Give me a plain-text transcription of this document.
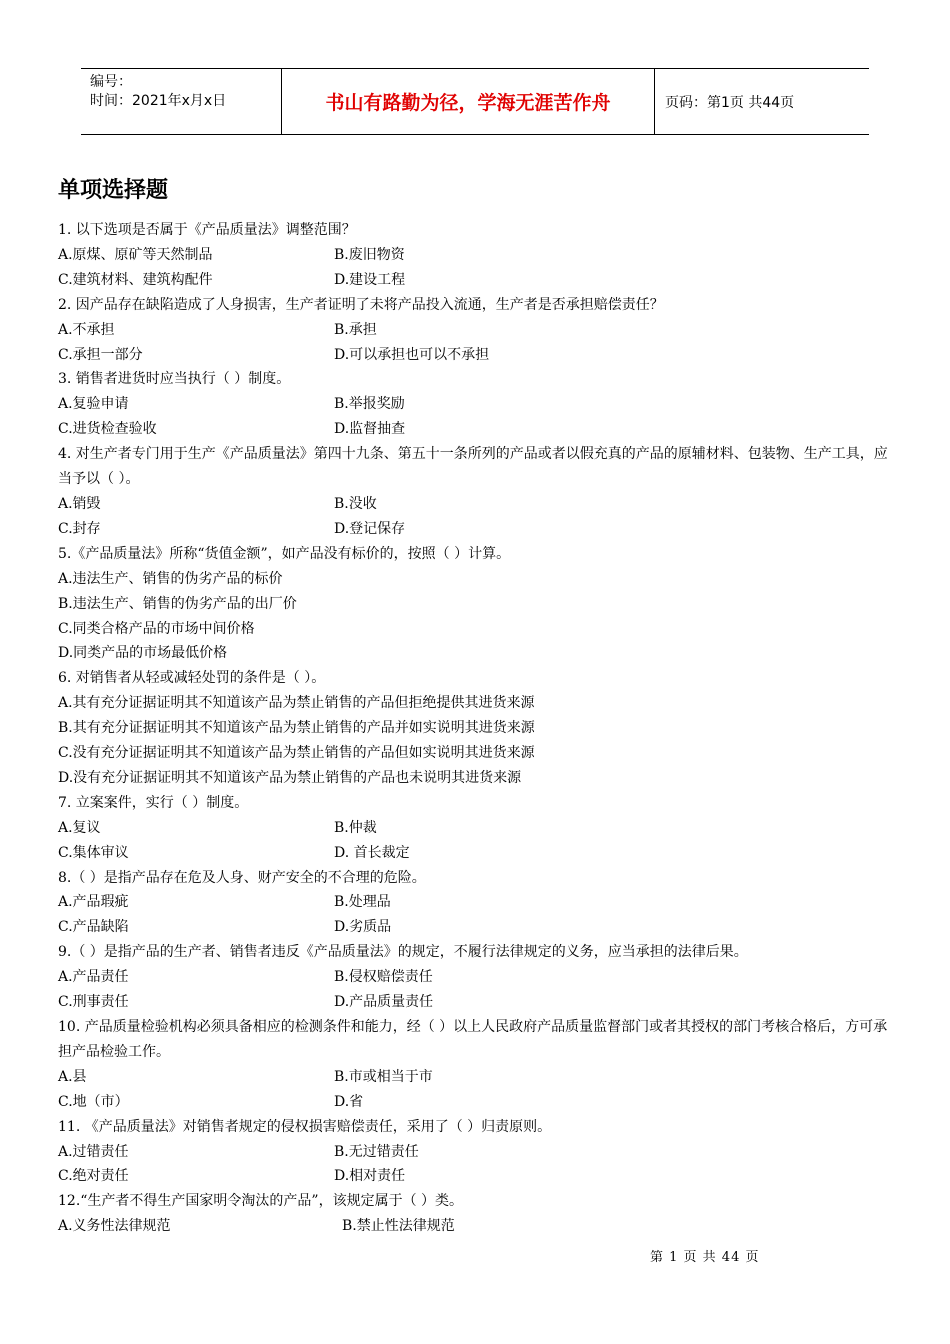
编号：
时间：2021年x月x日	书山有路勤为径，学海无涯苦作舟	页码：第1页 共44页
单项选择题
1. 以下选项是否属于《产品质量法》调整范围？
A.原煤、原矿等天然制品	B.废旧物资
C.建筑材料、建筑构配件	D.建设工程
2. 因产品存在缺陷造成了人身损害，生产者证明了未将产品投入流通，生产者是否承担赔偿责任？
A.不承担	B.承担
C.承担一部分	D.可以承担也可以不承担
3. 销售者进货时应当执行（ ）制度。
A.复验申请	B.举报奖励
C.进货检查验收	D.监督抽查
4. 对生产者专门用于生产《产品质量法》第四十九条、第五十一条所列的产品或者以假充真的产品的原辅材料、包装物、生产工具，应当予以（ ）。
A.销毁	B.没收
C.封存	D.登记保存
5.《产品质量法》所称“货值金额”，如产品没有标价的，按照（ ）计算。
A.违法生产、销售的伪劣产品的标价
B.违法生产、销售的伪劣产品的出厂价
C.同类合格产品的市场中间价格
D.同类产品的市场最低价格
6. 对销售者从轻或减轻处罚的条件是（ ）。
A.其有充分证据证明其不知道该产品为禁止销售的产品但拒绝提供其进货来源
B.其有充分证据证明其不知道该产品为禁止销售的产品并如实说明其进货来源
C.没有充分证据证明其不知道该产品为禁止销售的产品但如实说明其进货来源
D.没有充分证据证明其不知道该产品为禁止销售的产品也未说明其进货来源
7. 立案案件，实行（ ）制度。
A.复议	B.仲裁
C.集体审议	D. 首长裁定
8.（ ）是指产品存在危及人身、财产安全的不合理的危险。
A.产品瑕疵	B.处理品
C.产品缺陷	D.劣质品
9.（ ）是指产品的生产者、销售者违反《产品质量法》的规定，不履行法律规定的义务，应当承担的法律后果。
A.产品责任	B.侵权赔偿责任
C.刑事责任	D.产品质量责任
10. 产品质量检验机构必须具备相应的检测条件和能力，经（ ）以上人民政府产品质量监督部门或者其授权的部门考核合格后，方可承担产品检验工作。
A.县	B.市或相当于市
C.地（市）	D.省
11. 《产品质量法》对销售者规定的侵权损害赔偿责任，采用了（ ）归责原则。
A.过错责任	B.无过错责任
C.绝对责任	D.相对责任
12.“生产者不得生产国家明令淘汰的产品”，该规定属于（ ）类。
A.义务性法律规范	B.禁止性法律规范
第 1 页 共 44 页
